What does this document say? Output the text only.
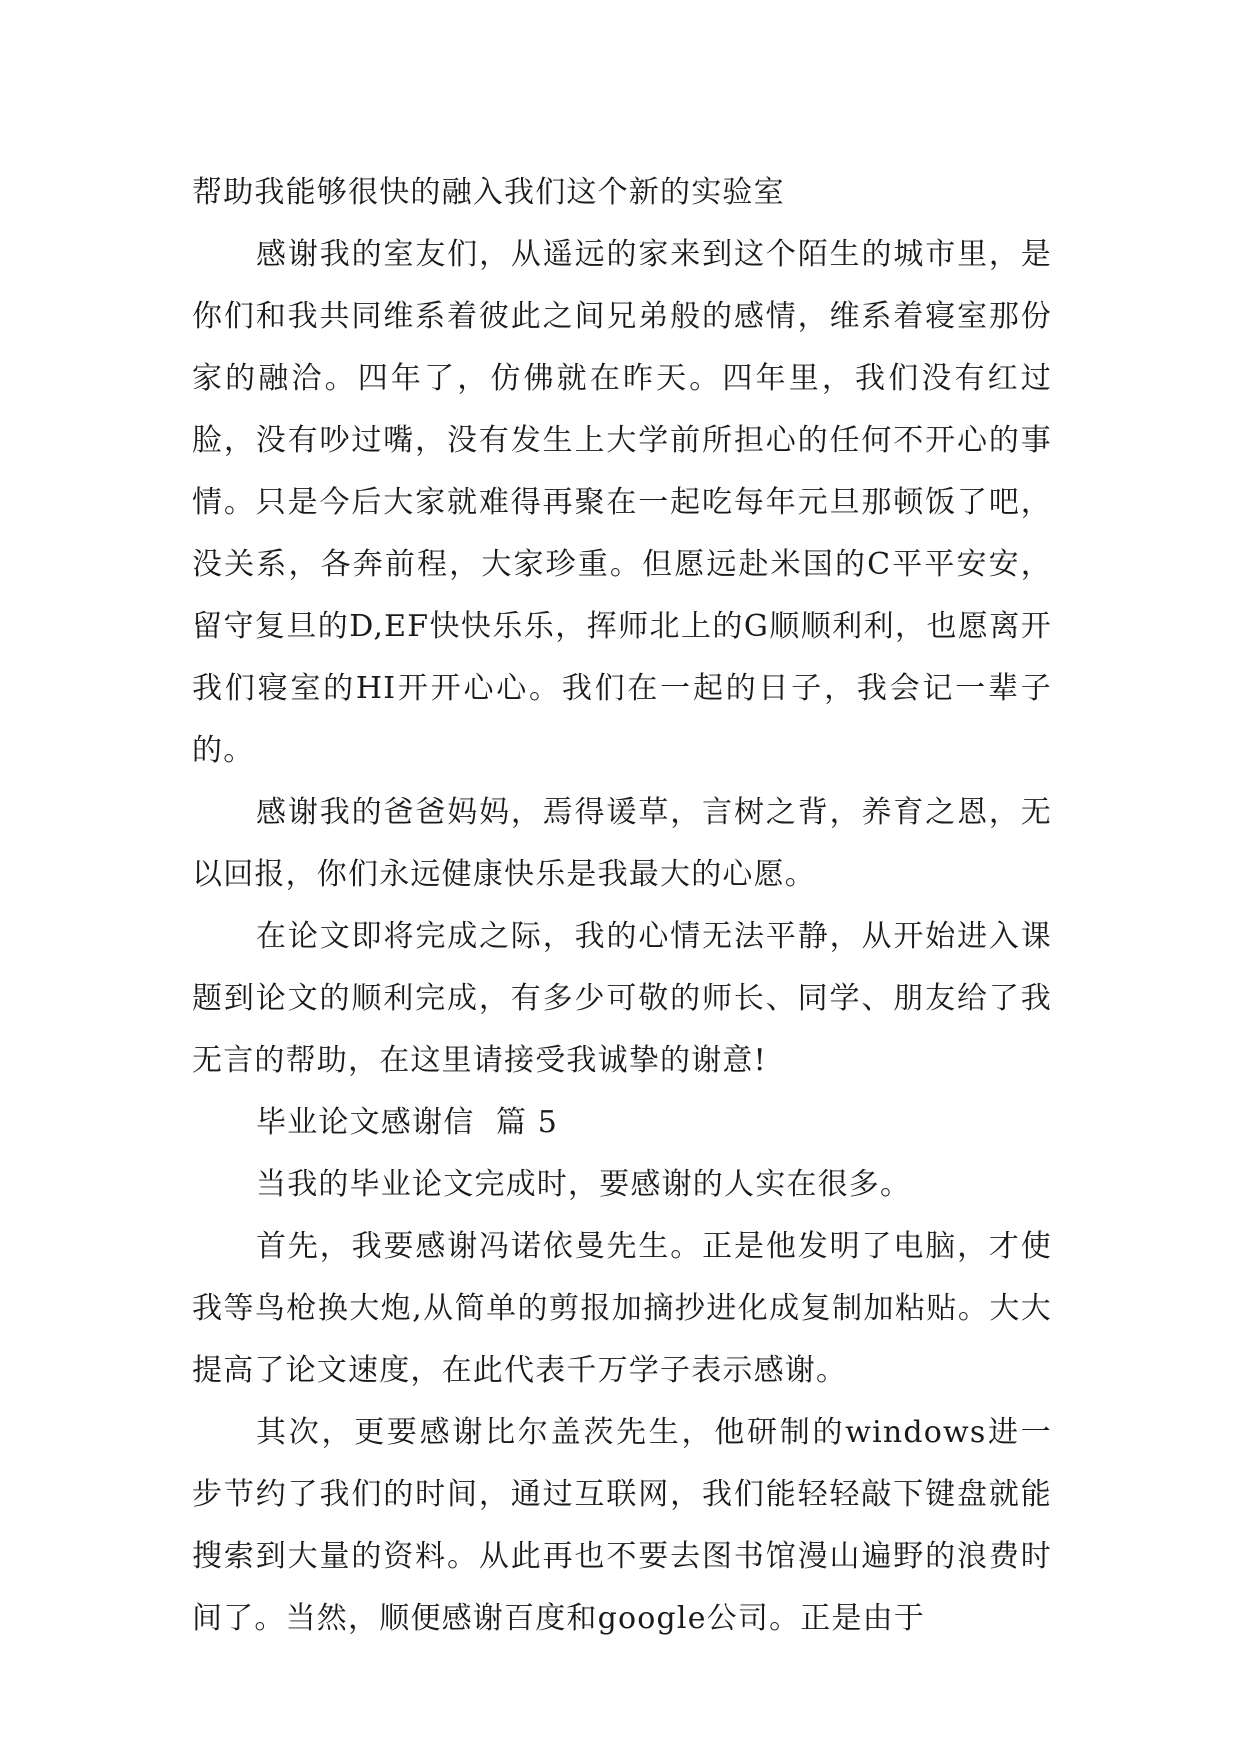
帮助我能够很快的融入我们这个新的实验室

感谢我的室友们，从遥远的家来到这个陌生的城市里，是你们和我共同维系着彼此之间兄弟般的感情，维系着寝室那份家的融洽。四年了，仿佛就在昨天。四年里，我们没有红过脸，没有吵过嘴，没有发生上大学前所担心的任何不开心的事情。只是今后大家就难得再聚在一起吃每年元旦那顿饭了吧，没关系，各奔前程，大家珍重。但愿远赴米国的C平平安安，留守复旦的D,EF快快乐乐，挥师北上的G顺顺利利，也愿离开我们寝室的HI开开心心。我们在一起的日子，我会记一辈子的。

感谢我的爸爸妈妈，焉得谖草，言树之背，养育之恩，无以回报，你们永远健康快乐是我最大的心愿。

在论文即将完成之际，我的心情无法平静，从开始进入课题到论文的顺利完成，有多少可敬的师长、同学、朋友给了我无言的帮助，在这里请接受我诚挚的谢意!

毕业论文感谢信  篇 5

当我的毕业论文完成时，要感谢的人实在很多。

首先，我要感谢冯诺依曼先生。正是他发明了电脑，才使我等鸟枪换大炮,从简单的剪报加摘抄进化成复制加粘贴。大大提高了论文速度，在此代表千万学子表示感谢。

其次，更要感谢比尔盖茨先生，他研制的windows进一步节约了我们的时间，通过互联网，我们能轻轻敲下键盘就能搜索到大量的资料。从此再也不要去图书馆漫山遍野的浪费时间了。当然，顺便感谢百度和google公司。正是由于
